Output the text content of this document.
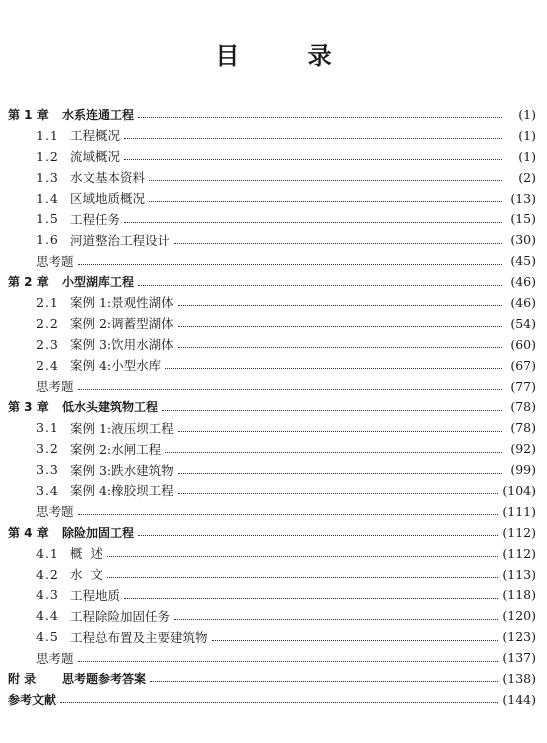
目 录
第 1 章	水系连通工程	(1)
1.1 工程概况	(1)
1.2 流域概况	(1)
1.3 水文基本资料	(2)
1.4 区域地质概况	(13)
1.5 工程任务	(15)
1.6 河道整治工程设计	(30)
思考题	(45)
第 2 章	小型湖库工程	(46)
2.1 案例 1:景观性湖体	(46)
2.2 案例 2:调蓄型湖体	(54)
2.3 案例 3:饮用水湖体	(60)
2.4 案例 4:小型水库	(67)
思考题	(77)
第 3 章	低水头建筑物工程	(78)
3.1 案例 1:液压坝工程	(78)
3.2 案例 2:水闸工程	(92)
3.3 案例 3:跌水建筑物	(99)
3.4 案例 4:橡胶坝工程	(104)
思考题	(111)
第 4 章	除险加固工程	(112)
4.1 概  述	(112)
4.2 水  文	(113)
4.3 工程地质	(118)
4.4 工程除险加固任务	(120)
4.5 工程总布置及主要建筑物	(123)
思考题	(137)
附 录	思考题参考答案	(138)
参考文献	(144)
